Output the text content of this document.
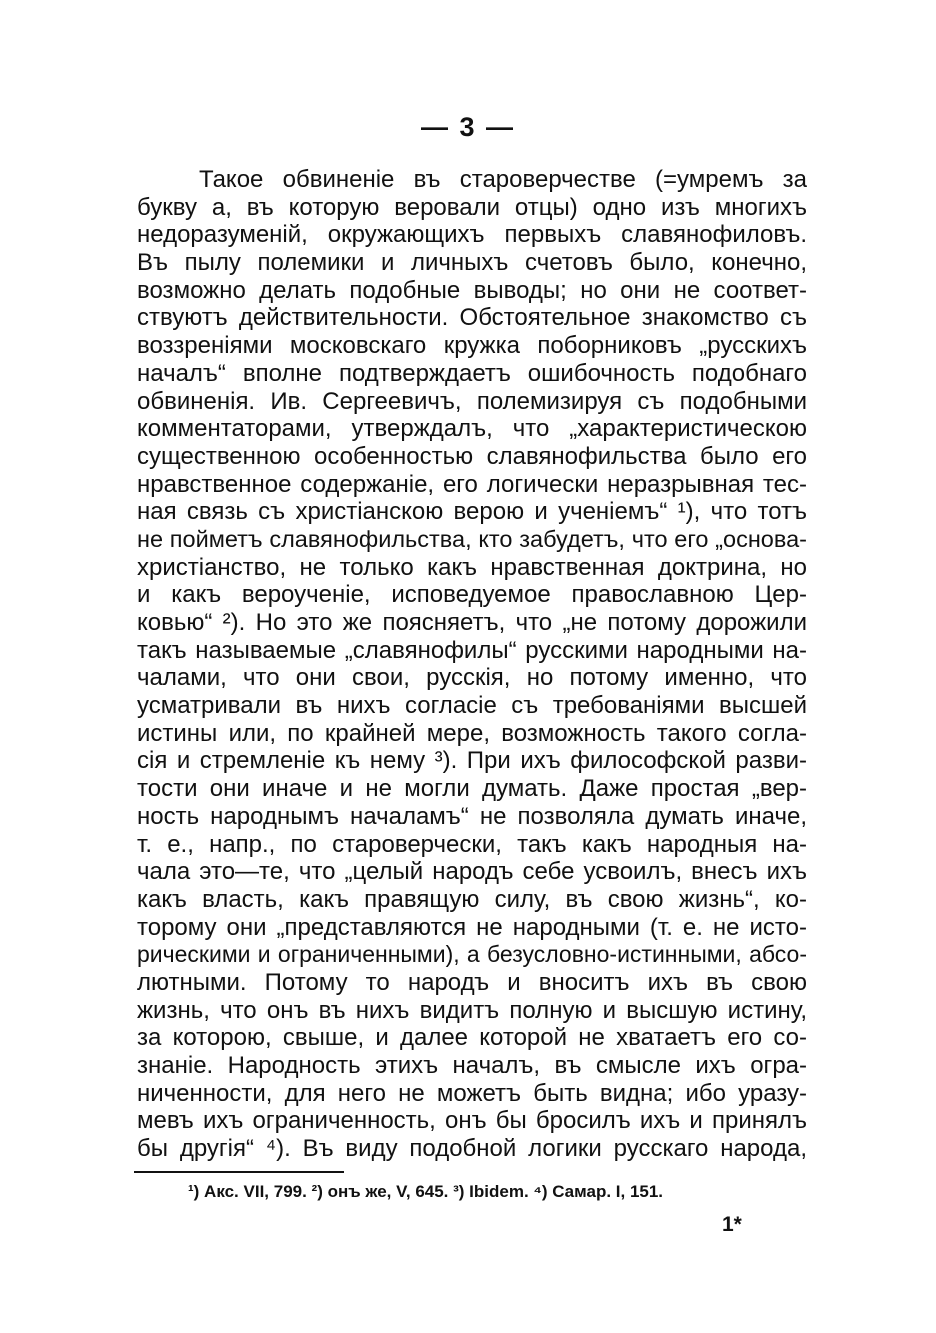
— 3 —
Такое обвиненіе въ староверчестве (=умремъ за
букву а, въ которую веровали отцы) одно изъ многихъ
недоразуменій, окружающихъ первыхъ славянофиловъ.
Въ пылу полемики и личныхъ счетовъ было, конечно,
возможно делать подобные выводы; но они не соответ-
ствуютъ действительности. Обстоятельное знакомство съ
воззреніями московскаго кружка поборниковъ „русскихъ
началъ“ вполне подтверждаетъ ошибочность подобнаго
обвиненія. Ив. Сергеевичъ, полемизируя съ подобными
комментаторами, утверждалъ, что „характеристическою
существенною особенностью славянофильства было его
нравственное содержаніе, его логически неразрывная тес-
ная связь съ христіанскою верою и ученіемъ“ ¹), что тотъ
не пойметъ славянофильства, кто забудетъ, что его „основа-
христіанство, не только какъ нравственная доктрина, но
и какъ вероученіе, исповедуемое православною Цер-
ковью“ ²). Но это же поясняетъ, что „не потому дорожили
такъ называемые „славянофилы“ русскими народными на-
чалами, что они свои, русскія, но потому именно, что
усматривали въ нихъ согласіе съ требованіями высшей
истины или, по крайней мере, возможность такого согла-
сія и стремленіе къ нему ³). При ихъ философской разви-
тости они иначе и не могли думать. Даже простая „вер-
ность народнымъ началамъ“ не позволяла думать иначе,
т. е., напр., по староверчески, такъ какъ народныя на-
чала это—те, что „целый народъ себе усвоилъ, внесъ ихъ
какъ власть, какъ правящую силу, въ свою жизнь“, ко-
торому они „представляются не народными (т. е. не исто-
рическими и ограниченными), а безусловно-истинными, абсо-
лютными. Потому то народъ и вноситъ ихъ въ свою
жизнь, что онъ въ нихъ видитъ полную и высшую истину,
за которою, свыше, и далее которой не хватаетъ его со-
знаніе. Народность этихъ началъ, въ смысле ихъ огра-
ниченности, для него не можетъ быть видна; ибо уразу-
мевъ ихъ ограниченность, онъ бы бросилъ ихъ и принялъ
бы другія“ ⁴). Въ виду подобной логики русскаго народа,
¹) Акс. VII, 799. ²) онъ же, V, 645. ³) Ibidem. ⁴) Самар. I, 151.
1*
